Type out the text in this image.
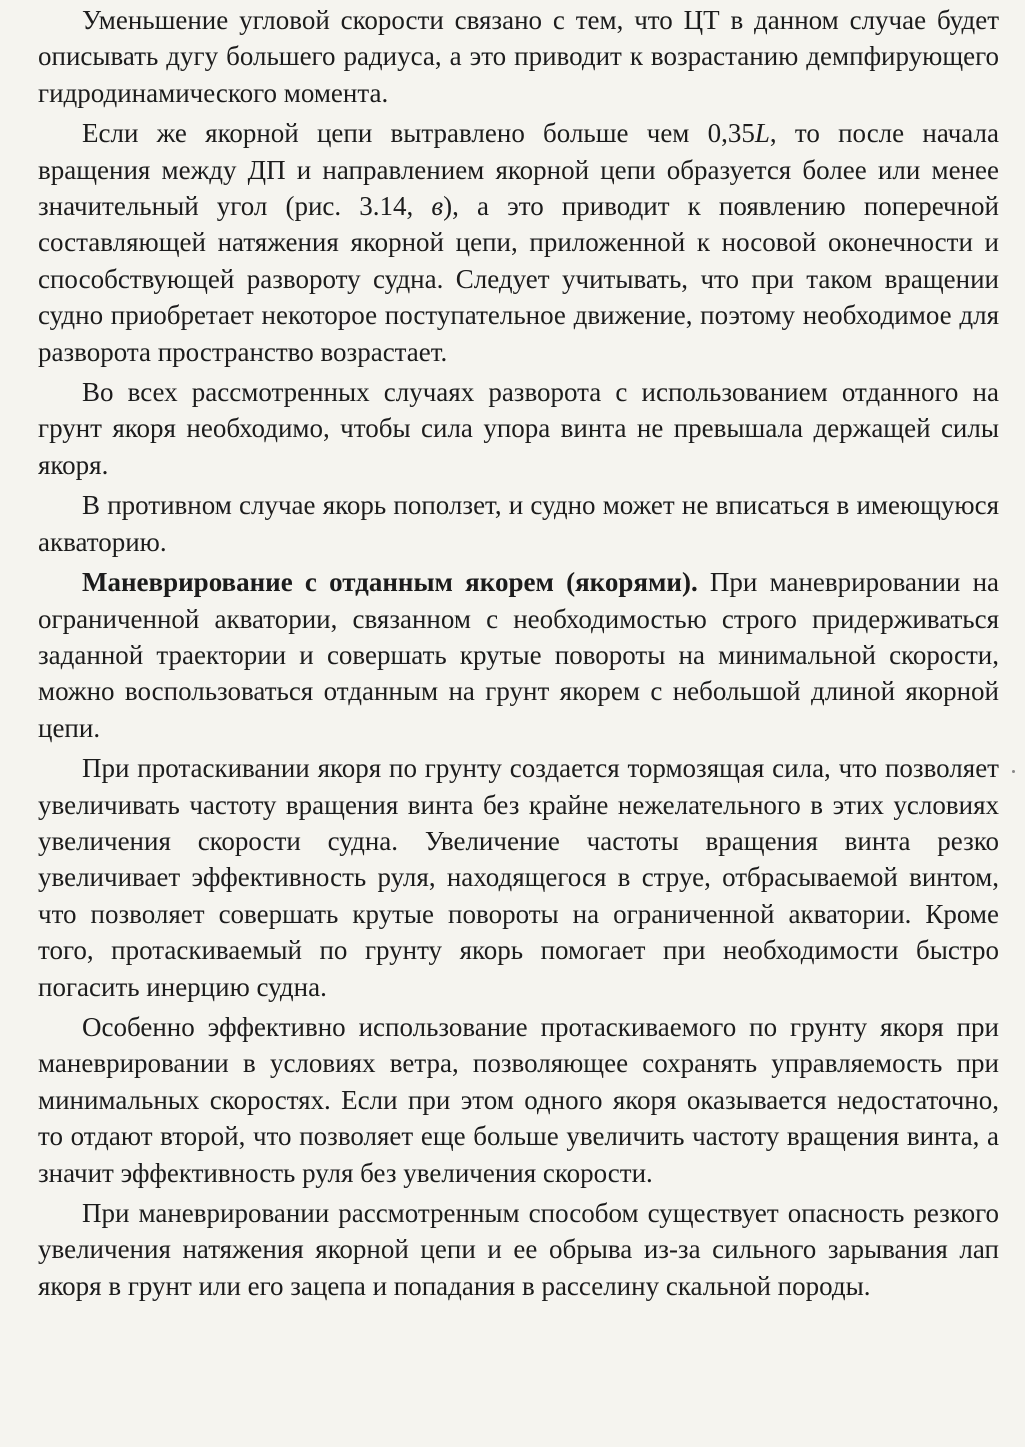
Уменьшение угловой скорости связано с тем, что ЦТ в данном случае будет описывать дугу большего радиуса, а это приводит к возрастанию демпфирующего гидродинамического момента.

Если же якорной цепи вытравлено больше чем 0,35L, то после начала вращения между ДП и направлением якорной цепи образуется более или менее значительный угол (рис. 3.14, в), а это приводит к появлению поперечной составляющей натяжения якорной цепи, приложенной к носовой оконечности и способствующей развороту судна. Следует учитывать, что при таком вращении судно приобретает некоторое поступательное движение, поэтому необходимое для разворота пространство возрастает.

Во всех рассмотренных случаях разворота с использованием отданного на грунт якоря необходимо, чтобы сила упора винта не превышала держащей силы якоря.

В противном случае якорь поползет, и судно может не вписаться в имеющуюся акваторию.

Маневрирование с отданным якорем (якорями). При маневрировании на ограниченной акватории, связанном с необходимостью строго придерживаться заданной траектории и совершать крутые повороты на минимальной скорости, можно воспользоваться отданным на грунт якорем с небольшой длиной якорной цепи.

При протаскивании якоря по грунту создается тормозящая сила, что позволяет увеличивать частоту вращения винта без крайне нежелательного в этих условиях увеличения скорости судна. Увеличение частоты вращения винта резко увеличивает эффективность руля, находящегося в струе, отбрасываемой винтом, что позволяет совершать крутые повороты на ограниченной акватории. Кроме того, протаскиваемый по грунту якорь помогает при необходимости быстро погасить инерцию судна.

Особенно эффективно использование протаскиваемого по грунту якоря при маневрировании в условиях ветра, позволяющее сохранять управляемость при минимальных скоростях. Если при этом одного якоря оказывается недостаточно, то отдают второй, что позволяет еще больше увеличить частоту вращения винта, а значит эффективность руля без увеличения скорости.

При маневрировании рассмотренным способом существует опасность резкого увеличения натяжения якорной цепи и ее обрыва из-за сильного зарывания лап якоря в грунт или его зацепа и попадания в расселину скальной породы.
